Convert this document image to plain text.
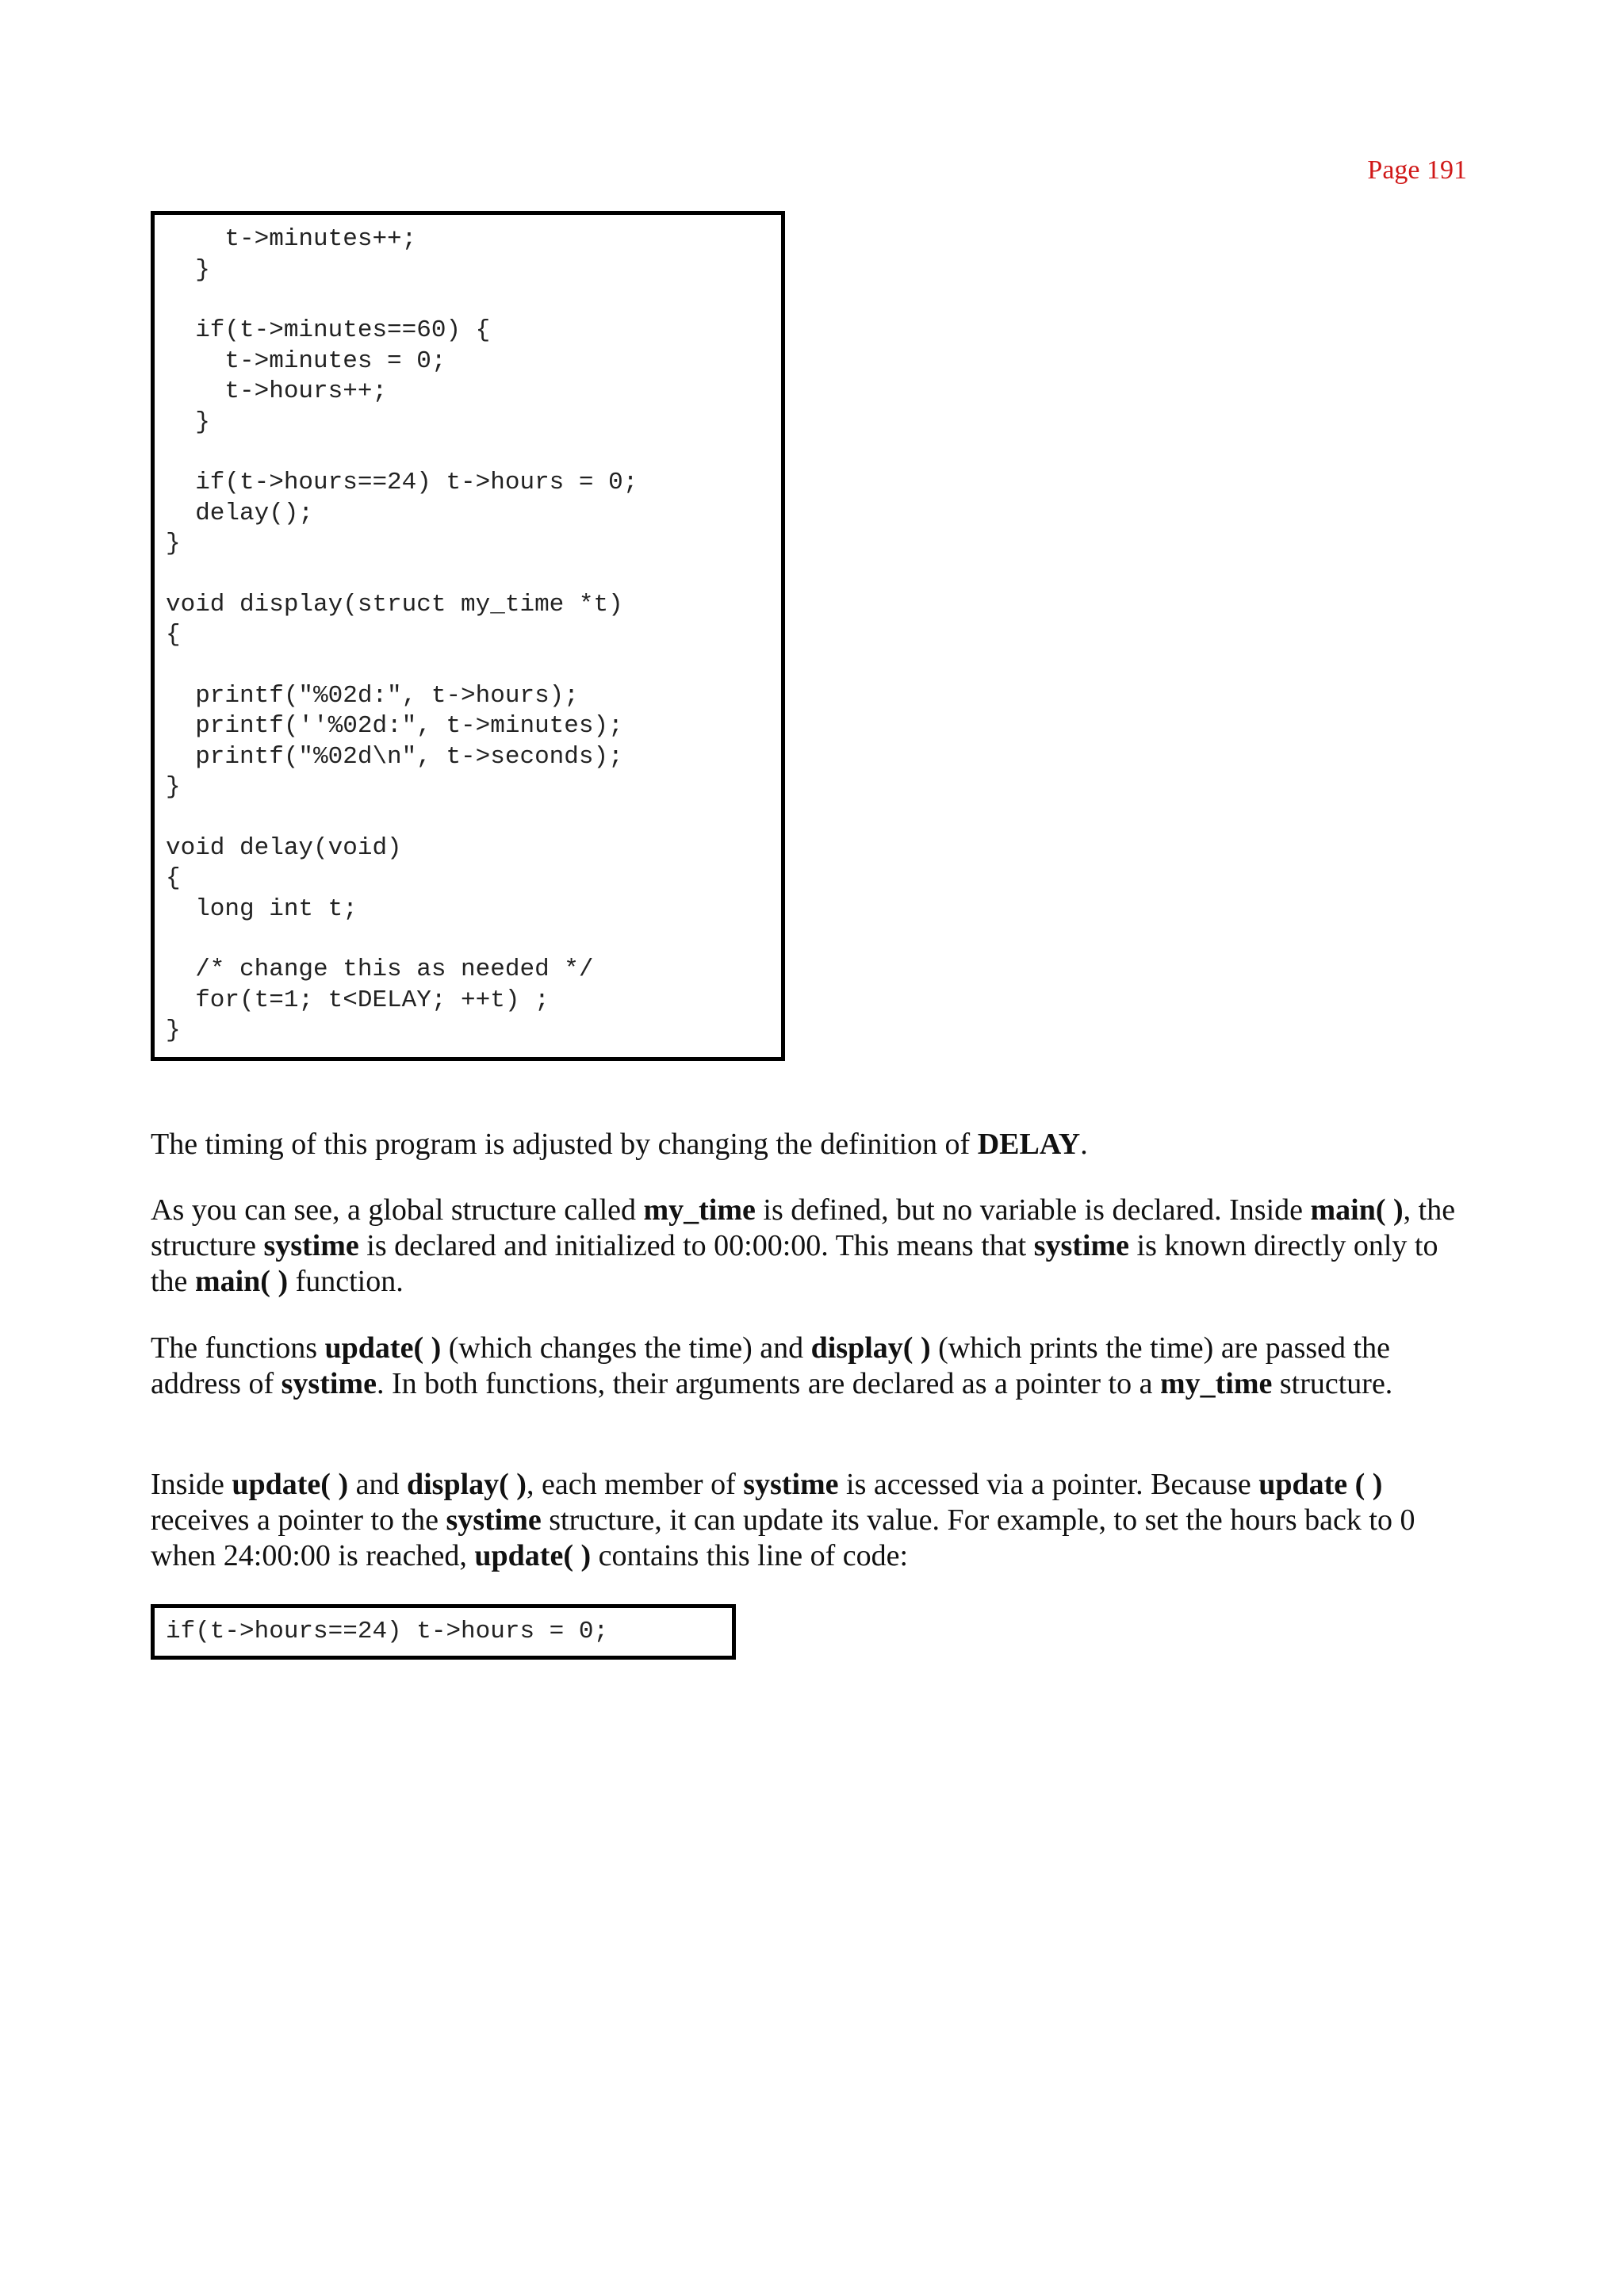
Page 191
t->minutes++;
}
if(t->minutes==60) {
t->minutes = 0;
t->hours++;
}
if(t->hours==24) t->hours = 0;
delay();
}
void display(struct my_time *t)
{
printf("%02d:", t->hours);
printf(''%02d:", t->minutes);
printf("%02d\n", t->seconds);
}
void delay(void)
{
long int t;
/* change this as needed */
for(t=1; t<DELAY; ++t) ;
}

The timing of this program is adjusted by changing the definition of DELAY.

As you can see, a global structure called my_time is defined, but no variable is declared. Inside main( ), the structure systime is declared and initialized to 00:00:00. This means that systime is known directly only to the main( ) function.

The functions update( ) (which changes the time) and display( ) (which prints the time) are passed the address of systime. In both functions, their arguments are declared as a pointer to a my_time structure.

Inside update( ) and display( ), each member of systime is accessed via a pointer. Because update ( ) receives a pointer to the systime structure, it can update its value. For example, to set the hours back to 0 when 24:00:00 is reached, update( ) contains this line of code:

if(t->hours==24) t->hours = 0;
